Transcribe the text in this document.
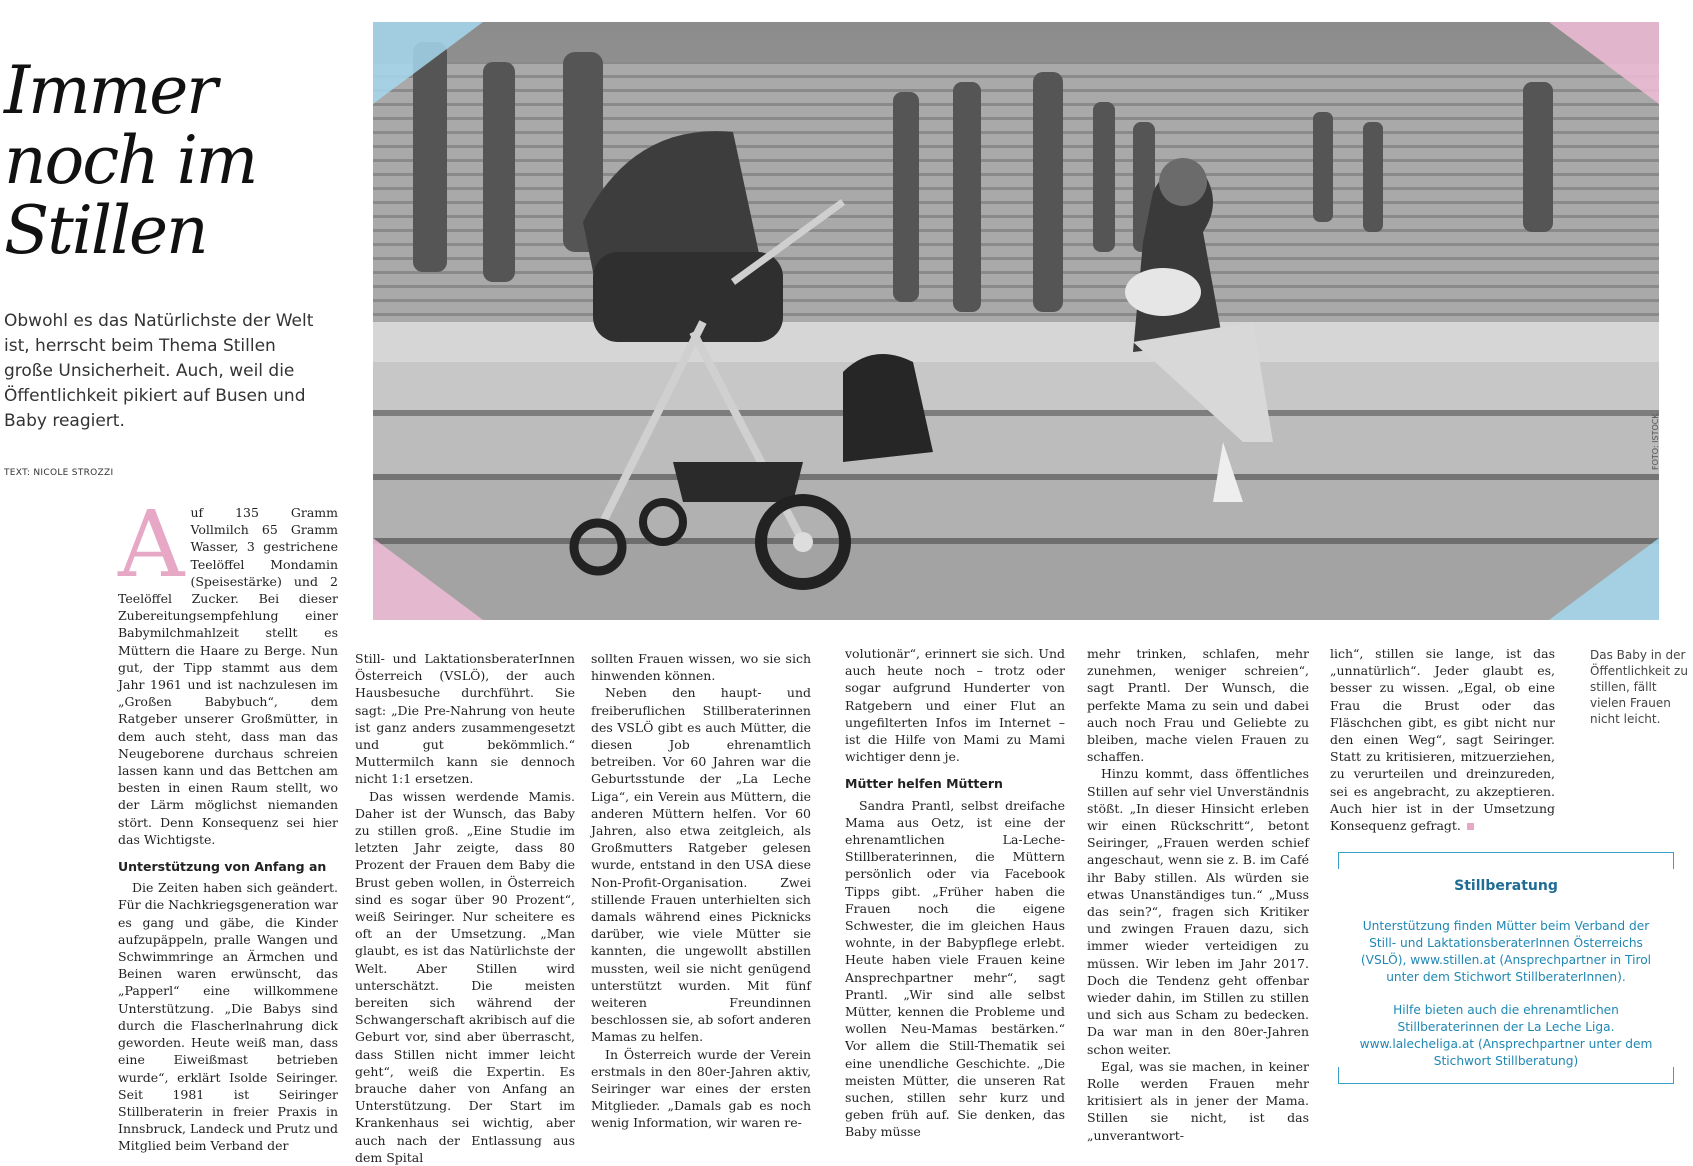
Immer
noch im
Stillen
Obwohl es das Natürlichste der Welt ist, herrscht beim Thema Stillen große Unsicherheit. Auch, weil die Öffentlichkeit pikiert auf Busen und Baby reagiert.
TEXT: NICOLE STROZZI
FOTO: ISTOCK
A uf 135 Gramm Vollmilch 65 Gramm Wasser, 3 gestrichene Teelöffel Mondamin (Speisestärke) und 2 Teelöffel Zucker. Bei dieser Zubereitungsempfehlung einer Babymilchmahlzeit stellt es Müttern die Haare zu Berge. Nun gut, der Tipp stammt aus dem Jahr 1961 und ist nachzulesen im „Großen Babybuch“, dem Ratgeber unserer Großmütter, in dem auch steht, dass man das Neugeborene durchaus schreien lassen kann und das Bettchen am besten in einen Raum stellt, wo der Lärm möglichst niemanden stört. Denn Konsequenz sei hier das Wichtigste.

Unterstützung von Anfang an

Die Zeiten haben sich geändert. Für die Nachkriegsgeneration war es gang und gäbe, die Kinder aufzupäppeln, pralle Wangen und Schwimmringe an Ärmchen und Beinen waren erwünscht, das „Papperl“ eine willkommene Unterstützung. „Die Babys sind durch die Flascherlnahrung dick geworden. Heute weiß man, dass eine Eiweißmast betrieben wurde“, erklärt Isolde Seiringer. Seit 1981 ist Seiringer Stillberaterin in freier Praxis in Innsbruck, Landeck und Prutz und Mitglied beim Verband der

Still- und LaktationsberaterInnen Österreich (VSLÖ), der auch Hausbesuche durchführt. Sie sagt: „Die Pre-Nahrung von heute ist ganz anders zusammengesetzt und gut bekömmlich.“ Muttermilch kann sie dennoch nicht 1:1 ersetzen.

Das wissen werdende Mamis. Daher ist der Wunsch, das Baby zu stillen groß. „Eine Studie im letzten Jahr zeigte, dass 80 Prozent der Frauen dem Baby die Brust geben wollen, in Österreich sind es sogar über 90 Prozent“, weiß Seiringer. Nur scheitere es oft an der Umsetzung. „Man glaubt, es ist das Natürlichste der Welt. Aber Stillen wird unterschätzt. Die meisten bereiten sich während der Schwangerschaft akribisch auf die Geburt vor, sind aber überrascht, dass Stillen nicht immer leicht geht“, weiß die Expertin. Es brauche daher von Anfang an Unterstützung. Der Start im Krankenhaus sei wichtig, aber auch nach der Entlassung aus dem Spital

sollten Frauen wissen, wo sie sich hinwenden können.

Neben den haupt- und freiberuflichen Stillberaterinnen des VSLÖ gibt es auch Mütter, die diesen Job ehrenamtlich betreiben. Vor 60 Jahren war die Geburtsstunde der „La Leche Liga“, ein Verein aus Müttern, die anderen Müttern helfen. Vor 60 Jahren, also etwa zeitgleich, als Großmutters Ratgeber gelesen wurde, entstand in den USA diese Non-Profit-Organisation. Zwei stillende Frauen unterhielten sich damals während eines Picknicks darüber, wie viele Mütter sie kannten, die ungewollt abstillen mussten, weil sie nicht genügend unterstützt wurden. Mit fünf weiteren Freundinnen beschlossen sie, ab sofort anderen Mamas zu helfen.

In Österreich wurde der Verein erstmals in den 80er-Jahren aktiv, Seiringer war eines der ersten Mitglieder. „Damals gab es noch wenig Information, wir waren re-

volutionär“, erinnert sie sich. Und auch heute noch – trotz oder sogar aufgrund Hunderter von Ratgebern und einer Flut an ungefilterten Infos im Internet – ist die Hilfe von Mami zu Mami wichtiger denn je.

Mütter helfen Müttern

Sandra Prantl, selbst dreifache Mama aus Oetz, ist eine der ehrenamtlichen La-Leche-Stillberaterinnen, die Müttern persönlich oder via Facebook Tipps gibt. „Früher haben die Frauen noch die eigene Schwester, die im gleichen Haus wohnte, in der Babypflege erlebt. Heute haben viele Frauen keine Ansprechpartner mehr“, sagt Prantl. „Wir sind alle selbst Mütter, kennen die Probleme und wollen Neu-Mamas bestärken.“ Vor allem die Still-Thematik sei eine unendliche Geschichte. „Die meisten Mütter, die unseren Rat suchen, stillen sehr kurz und geben früh auf. Sie denken, das Baby müsse

mehr trinken, schlafen, mehr zunehmen, weniger schreien“, sagt Prantl. Der Wunsch, die perfekte Mama zu sein und dabei auch noch Frau und Geliebte zu bleiben, mache vielen Frauen zu schaffen.

Hinzu kommt, dass öffentliches Stillen auf sehr viel Unverständnis stößt. „In dieser Hinsicht erleben wir einen Rückschritt“, betont Seiringer, „Frauen werden schief angeschaut, wenn sie z. B. im Café ihr Baby stillen. Als würden sie etwas Unanständiges tun.“ „Muss das sein?“, fragen sich Kritiker und zwingen Frauen dazu, sich immer wieder verteidigen zu müssen. Wir leben im Jahr 2017. Doch die Tendenz geht offenbar wieder dahin, im Stillen zu stillen und sich aus Scham zu bedecken. Da war man in den 80er-Jahren schon weiter.

Egal, was sie machen, in keiner Rolle werden Frauen mehr kritisiert als in jener der Mama. Stillen sie nicht, ist das „unverantwort-

lich“, stillen sie lange, ist das „unnatürlich“. Jeder glaubt es, besser zu wissen. „Egal, ob eine Frau die Brust oder das Fläschchen gibt, es gibt nicht nur den einen Weg“, sagt Seiringer. Statt zu kritisieren, mitzuerziehen, zu verurteilen und dreinzureden, sei es angebracht, zu akzeptieren. Auch hier ist in der Umsetzung Konsequenz gefragt.

Das Baby in der Öffentlichkeit zu stillen, fällt vielen Frauen nicht leicht.
Stillberatung
Unterstützung finden Mütter beim Verband der Still- und LaktationsberaterInnen Österreichs (VSLÖ), www.stillen.at (Ansprechpartner in Tirol unter dem Stichwort StillberaterInnen).
Hilfe bieten auch die ehrenamtlichen Stillberaterinnen der La Leche Liga. www.lalecheliga.at (Ansprechpartner unter dem Stichwort Stillberatung)
